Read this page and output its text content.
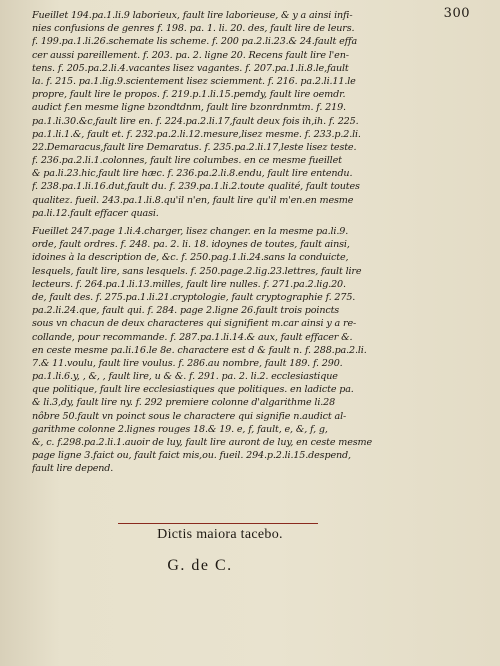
300
Fueillet 194.pa.1.li.9 laborieux, fault lire laborieuse, & y a ainsi infi-
nies confusions de genres f. 198. pa. 1. li. 20. des, fault lire de leurs.
f. 199.pa.1.li.26.schemate lis scheme. f. 200 pa.2.li.23.& 24.fault effa
cer aussi pareillement. f. 203. pa. 2. ligne 20. Recens fault lire l'en-
tens. f. 205.pa.2.li.4.vacantes lisez vagantes. f. 207.pa.1.li.8.le,fault
la. f. 215. pa.1.lig.9.scientement lisez sciemment. f. 216. pa.2.li.11.le
propre, fault lire le propos. f. 219.p.1.li.15.pemdy, fault lire oemdr.
audict f.en mesme ligne bzondtdnm, fault lire bzonrdnmtm. f. 219.
pa.1.li.30.&c,fault lire en. f. 224.pa.2.li.17,fault deux fois ih,ih. f. 225.
pa.1.li.1.&, fault et. f. 232.pa.2.li.12.mesure,lisez mesme. f. 233.p.2.li.
22.Demaracus,fault lire Demaratus. f. 235.pa.2.li.17,leste lisez teste.
f. 236.pa.2.li.1.colonnes, fault lire columbes. en ce mesme fueillet
& pa.li.23.hic,fault lire hæc. f. 236.pa.2.li.8.endu, fault lire entendu.
f. 238.pa.1.li.16.dut,fault du. f. 239.pa.1.li.2.toute qualité, fault toutes
qualitez. fueil. 243.pa.1.li.8.qu'il n'en, fault lire qu'il m'en.en mesme
pa.li.12.fault effacer quasi.
Fueillet 247.page 1.li.4.charger, lisez changer. en la mesme pa.li.9.
orde, fault ordres. f. 248. pa. 2. li. 18. idoynes de toutes, fault ainsi,
idoines à la description de, &c. f. 250.pag.1.li.24.sans la conduicte,
lesquels, fault lire, sans lesquels. f. 250.page.2.lig.23.lettres, fault lire
lecteurs. f. 264.pa.1.li.13.milles, fault lire nulles. f. 271.pa.2.lig.20.
de, fault des. f. 275.pa.1.li.21.cryptologie, fault cryptographie f. 275.
pa.2.li.24.que, fault qui. f. 284. page 2.ligne 26.fault trois poincts
sous vn chacun de deux characteres qui signifient m.car ainsi y a re-
collande, pour recommande. f. 287.pa.1.li.14.& aux, fault effacer &.
en ceste mesme pa.li.16.le 8e. charactere est d & fault n. f. 288.pa.2.li.
7.& 11.voulu, fault lire voulus. f. 286.au nombre, fault 189. f. 290.
pa.1.li.6.y, , &, , fault lire, u & &. f. 291. pa. 2. li.2. ecclesiastique
que politique, fault lire ecclesiastiques que politiques. en ladicte pa.
& li.3,dy, fault lire ny. f. 292 premiere colonne d'algarithme li.28
nôbre 50.fault vn poinct sous le charactere qui signifie n.audict al-
garithme colonne 2.lignes rouges 18.& 19. e, f, fault, e, &, f, g,
&, c. f.298.pa.2.li.1.auoir de luy, fault lire auront de luy, en ceste mesme
page ligne 3.faict ou, fault faict mis,ou. fueil. 294.p.2.li.15.despend,
fault lire depend.
Dictis maiora tacebo.
G. de C.
